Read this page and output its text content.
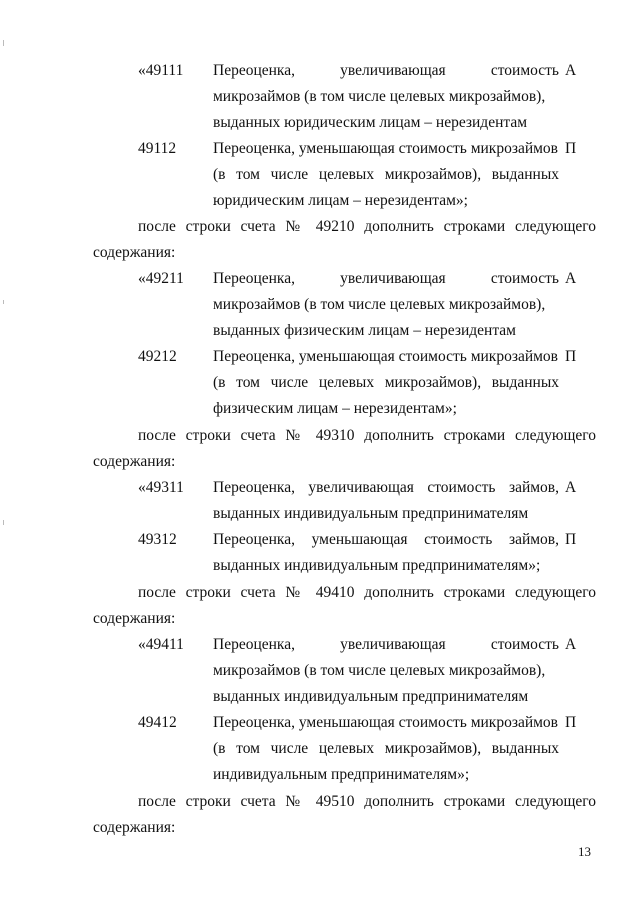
«49111 Переоценка, увеличивающая стоимость
микрозаймов (в том числе целевых микрозаймов),
выданных юридическим лицам – нерезидентам
А
49112 Переоценка, уменьшающая стоимость микрозаймов
(в том числе целевых микрозаймов), выданных
юридическим лицам – нерезидентам»;
П
после строки счета № 49210 дополнить строками следующего
содержания:
«49211 Переоценка, увеличивающая стоимость
микрозаймов (в том числе целевых микрозаймов),
выданных физическим лицам – нерезидентам
А
49212 Переоценка, уменьшающая стоимость микрозаймов
(в том числе целевых микрозаймов), выданных
физическим лицам – нерезидентам»;
П
после строки счета № 49310 дополнить строками следующего
содержания:
«49311 Переоценка, увеличивающая стоимость займов,
выданных индивидуальным предпринимателям
А
49312 Переоценка, уменьшающая стоимость займов,
выданных индивидуальным предпринимателям»;
П
после строки счета № 49410 дополнить строками следующего
содержания:
«49411 Переоценка, увеличивающая стоимость
микрозаймов (в том числе целевых микрозаймов),
выданных индивидуальным предпринимателям
А
49412 Переоценка, уменьшающая стоимость микрозаймов
(в том числе целевых микрозаймов), выданных
индивидуальным предпринимателям»;
П
после строки счета № 49510 дополнить строками следующего
содержания:
13
